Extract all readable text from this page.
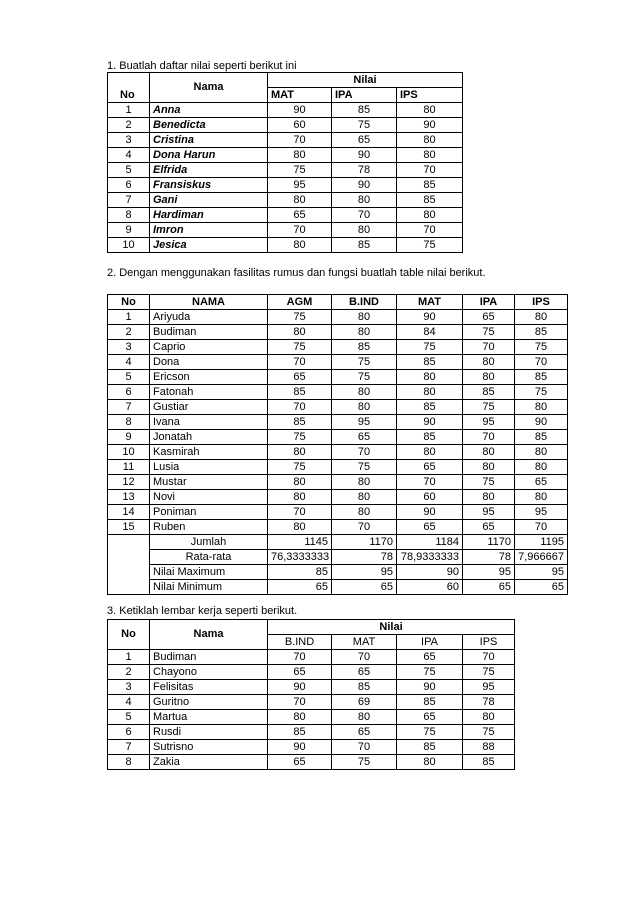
1. Buatlah daftar nilai seperti berikut ini
No	Nama	Nilai		
		MAT	IPA	IPS
1	Anna	90	85	80
2	Benedicta	60	75	90
3	Cristina	70	65	80
4	Dona Harun	80	90	80
5	Elfrida	75	78	70
6	Fransiskus	95	90	85
7	Gani	80	80	85
8	Hardiman	65	70	80
9	Imron	70	80	70
10	Jesica	80	85	75
2. Dengan menggunakan fasilitas rumus dan fungsi buatlah table nilai berikut.
No	NAMA	AGM	B.IND	MAT	IPA	IPS
1	Ariyuda	75	80	90	65	80
2	Budiman	80	80	84	75	85
3	Caprio	75	85	75	70	75
4	Dona	70	75	85	80	70
5	Ericson	65	75	80	80	85
6	Fatonah	85	80	80	85	75
7	Gustiar	70	80	85	75	80
8	Ivana	85	95	90	95	90
9	Jonatah	75	65	85	70	85
10	Kasmirah	80	70	80	80	80
11	Lusia	75	75	65	80	80
12	Mustar	80	80	70	75	65
13	Novi	80	80	60	80	80
14	Poniman	70	80	90	95	95
15	Ruben	80	70	65	65	70
	Jumlah	1145	1170	1184	1170	1195
	Rata-rata	76,3333333	78	78,9333333	78	7,966667
	Nilai Maximum	85	95	90	95	95
	Nilai Minimum	65	65	60	65	65
3. Ketiklah lembar kerja seperti berikut.
No	Nama	Nilai			
		B.IND	MAT	IPA	IPS
1	Budiman	70	70	65	70
2	Chayono	65	65	75	75
3	Felisitas	90	85	90	95
4	Guritno	70	69	85	78
5	Martua	80	80	65	80
6	Rusdi	85	65	75	75
7	Sutrisno	90	70	85	88
8	Zakia	65	75	80	85
